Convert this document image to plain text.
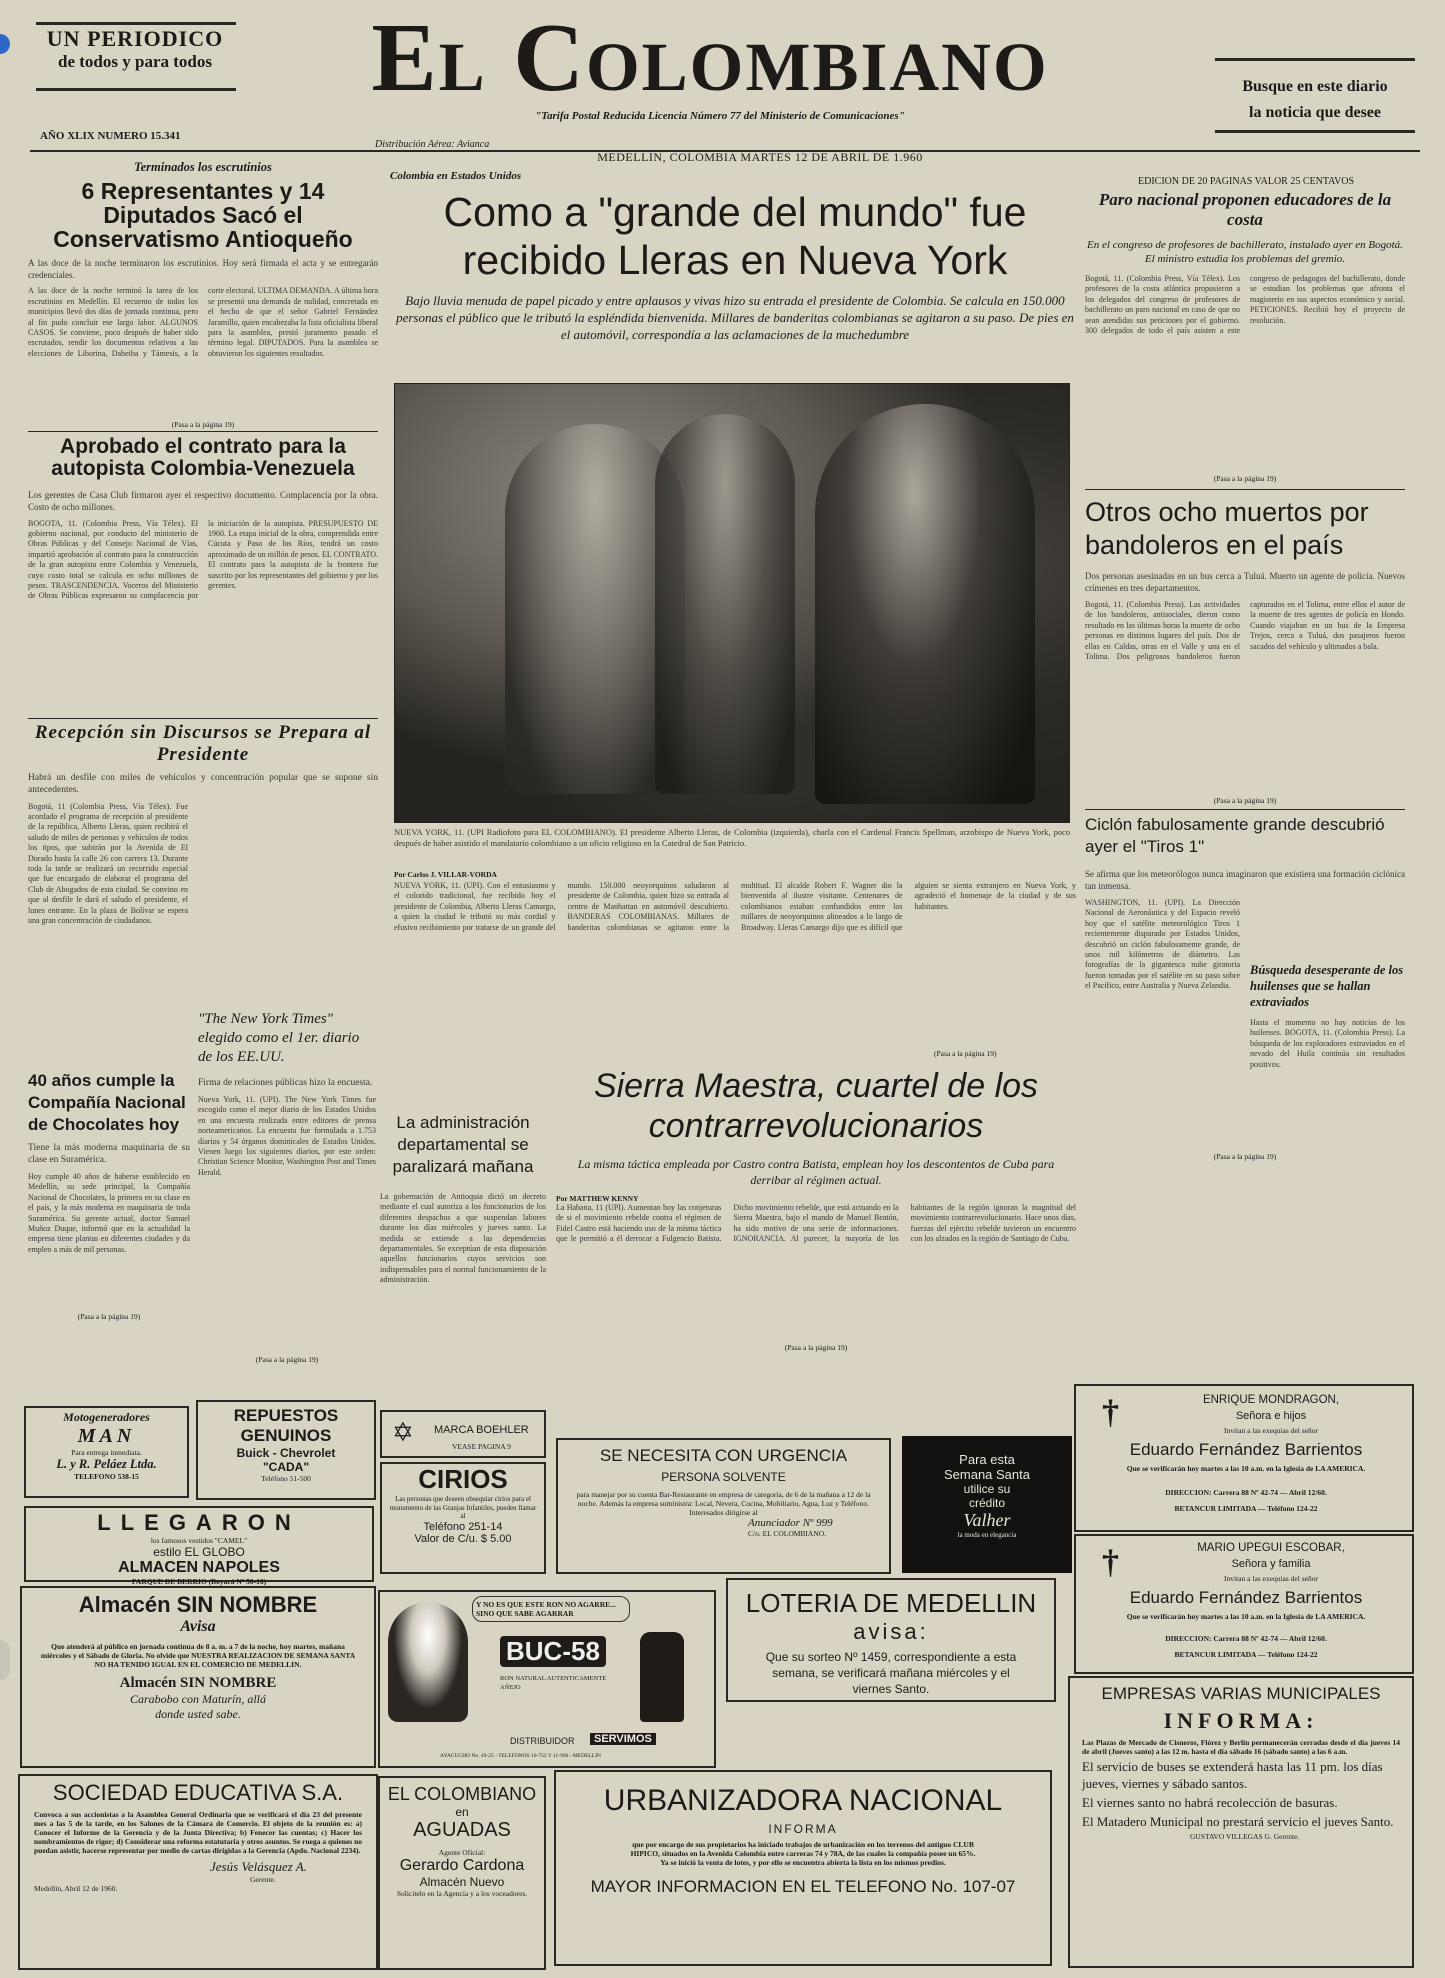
UN PERIODICO
de todos y para todos	El Colombiano
"Tarifa Postal Reducida Licencia Número 77 del Ministerio de Comunicaciones"
Busque en este diario
la noticia que desee
AÑO XLIX NUMERO 15.341
Distribución Aérea: Avianca
MEDELLIN, COLOMBIA MARTES 12 DE ABRIL DE 1.960
EDICION DE 20 PAGINAS VALOR 25 CENTAVOS
Terminados los escrutinios
6 Representantes y 14 Diputados Sacó el Conservatismo Antioqueño
A las doce de la noche terminaron los escrutinios. Hoy será firmada el acta y se entregarán credenciales.
A las doce de la noche terminó la tarea de los escrutinios en Medellín. El recuento de todos los municipios llevó dos días de jornada continua, pero al fin pudo concluir ese largo labor. ALGUNOS CASOS. Se conviene, poco después de haber sido escrutados, rendir los documentos relativos a las elecciones de Liborina, Dabeiba y Támesis, a la corte electoral. ULTIMA DEMANDA. A última hora se presentó una demanda de nulidad, concretada en el hecho de que el señor Gabriel Fernández Jaramillo, quien encabezaba la lista oficialista liberal para la asamblea, prestó juramento pasado el término legal. DIPUTADOS. Para la asamblea se obtuvieron los siguientes resultados.
(Pasa a la página 19)
Aprobado el contrato para la autopista Colombia-Venezuela
Los gerentes de Casa Club firmaron ayer el respectivo documento. Complacencia por la obra. Costo de ocho millones.
BOGOTA, 11. (Colombia Press, Vía Télex). El gobierno nacional, por conducto del ministerio de Obras Públicas y del Consejo Nacional de Vías, impartió aprobación al contrato para la construcción de la gran autopista entre Colombia y Venezuela, cuyo costo total se calcula en ocho millones de pesos. TRASCENDENCIA. Voceros del Ministerio de Obras Públicas expresaron su complacencia por la iniciación de la autopista. PRESUPUESTO DE 1960. La etapa inicial de la obra, comprendida entre Cúcuta y Paso de los Ríos, tendrá un costo aproximado de un millón de pesos. EL CONTRATO. El contrato para la autopista de la frontera fue suscrito por los representantes del gobierno y por los gerentes.
Recepción sin Discursos se Prepara al Presidente
Habrá un desfile con miles de vehículos y concentración popular que se supone sin antecedentes.
Bogotá, 11 (Colombia Press, Vía Télex). Fue acordado el programa de recepción al presidente de la república, Alberto Lleras, quien recibirá el saludo de miles de personas y vehículos de todos los tipos, que subirán por la Avenida de El Dorado hasta la calle 26 con carrera 13. Durante toda la tarde se realizará un recorrido especial que fue encargado de elaborar el programa del Club de Abogados de esta ciudad. Se convino en que al desfile le dará el saludo el presidente, el lunes entrante. En la plaza de Bolívar se espera una gran concentración de ciudadanos.
40 años cumple la Compañía Nacional de Chocolates hoy
Tiene la más moderna maquinaria de su clase en Suramérica.
Hoy cumple 40 años de haberse establecido en Medellín, su sede principal, la Compañía Nacional de Chocolates, la primera en su clase en el país, y la más moderna en maquinaria de toda Suramérica. Su gerente actual, doctor Samuel Muñoz Duque, informó que en la actualidad la empresa tiene plantas en diferentes ciudades y da empleo a más de mil personas.
(Pasa a la página 19)
"The New York Times" elegido como el 1er. diario de los EE.UU.
Firma de relaciones públicas hizo la encuesta.
Nueva York, 11. (UPI). The New York Times fue escogido como el mejor diario de los Estados Unidos en una encuesta realizada entre editores de prensa norteamericanos. La encuesta fue formulada a 1.753 diarios y 54 órganos dominicales de Estados Unidos. Vienen luego los siguientes diarios, por este orden: Christian Science Monitor, Washington Post and Times Herald.
(Pasa a la página 19)
Colombia en Estados Unidos
Como a "grande del mundo" fue recibido Lleras en Nueva York
Bajo lluvia menuda de papel picado y entre aplausos y vivas hizo su entrada el presidente de Colombia. Se calcula en 150.000 personas el público que le tributó la espléndida bienvenida. Millares de banderitas colombianas se agitaron a su paso. De pies en el automóvil, correspondía a las aclamaciones de la muchedumbre
NUEVA YORK, 11. (UPI Radiofoto para EL COLOMBIANO). El presidente Alberto Lleras, de Colombia (izquierda), charla con el Cardenal Francis Spellman, arzobispo de Nueva York, poco después de haber asistido el mandatario colombiano a un oficio religioso en la Catedral de San Patricio.
Por Carlos J. VILLAR-VORDA
NUEVA YORK, 11. (UPI). Con el entusiasmo y el colorido tradicional, fue recibido hoy el presidente de Colombia, Alberto Lleras Camargo, a quien la ciudad le tributó su más cordial y efusivo recibimiento por tratarse de un grande del mundo. 150.000 neoyorquinos saludaron al presidente de Colombia, quien hizo su entrada al centro de Manhattan en automóvil descubierto. BANDERAS COLOMBIANAS. Millares de banderitas colombianas se agitaron entre la multitud. El alcalde Robert F. Wagner dio la bienvenida al ilustre visitante. Centenares de colombianos estaban confundidos entre los millares de neoyorquinos alineados a lo largo de Broadway. Lleras Camargo dijo que es difícil que alguien se sienta extranjero en Nueva York, y agradeció el homenaje de la ciudad y de sus habitantes.
(Pasa a la página 19)
La administración departamental se paralizará mañana
La gobernación de Antioquia dictó un decreto mediante el cual autoriza a los funcionarios de los diferentes despachos a que suspendan labores durante los días miércoles y jueves santo. La medida se extiende a las dependencias departamentales. Se exceptúan de esta disposición aquellos funcionarios cuyos servicios son indispensables para el normal funcionamiento de la administración.
Sierra Maestra, cuartel de los contrarrevolucionarios
La misma táctica empleada por Castro contra Batista, emplean hoy los descontentos de Cuba para derribar al régimen actual.
Por MATTHEW KENNY
La Habana, 11 (UPI). Aumentan hoy las conjeturas de si el movimiento rebelde contra el régimen de Fidel Castro está haciendo uso de la misma táctica que le permitió a él derrocar a Fulgencio Batista. Dicho movimiento rebelde, que está actuando en la Sierra Maestra, bajo el mando de Manuel Beatón, ha sido motivo de una serie de informaciones. IGNORANCIA. Al parecer, la mayoría de los habitantes de la región ignoran la magnitud del movimiento contrarrevolucionario. Hace unos días, fuerzas del ejército rebelde tuvieron un encuentro con los alzados en la región de Santiago de Cuba.
(Pasa a la página 19)
Paro nacional proponen educadores de la costa
En el congreso de profesores de bachillerato, instalado ayer en Bogotá. El ministro estudia los problemas del gremio.
Bogotá, 11. (Colombia Press, Vía Télex). Los profesores de la costa atlántica propusieron a los delegados del congreso de profesores de bachillerato un paro nacional en caso de que no sean atendidas sus peticiones por el gobierno. 300 delegados de todo el país asisten a este congreso de pedagogos del bachillerato, donde se estudian los problemas que afronta el magisterio en sus aspectos económico y social. PETICIONES. Recibió hoy el proyecto de resolución.
(Pasa a la página 19)
Otros ocho muertos por bandoleros en el país
Dos personas asesinadas en un bus cerca a Tuluá. Muerto un agente de policía. Nuevos crímenes en tres departamentos.
Bogotá, 11. (Colombia Press). Las actividades de los bandoleros, antisociales, dieron como resultado en las últimas horas la muerte de ocho personas en distintos lugares del país. Dos de ellas en Caldas, otras en el Valle y una en el Tolima. Dos peligrosos bandoleros fueron capturados en el Tolima, entre ellos el autor de la muerte de tres agentes de policía en Hondo. Cuando viajaban en un bus de la Empresa Trejos, cerca a Tuluá, dos pasajeros fueron sacados del vehículo y ultimados a bala.
(Pasa a la página 19)
Ciclón fabulosamente grande descubrió ayer el "Tiros 1"
Se afirma que los meteorólogos nunca imaginaron que existiera una formación ciclónica tan inmensa.
WASHINGTON, 11. (UPI). La Dirección Nacional de Aeronáutica y del Espacio reveló hoy que el satélite meteorológico Tiros 1 recientemente disparado por Estados Unidos, descubrió un ciclón fabulosamente grande, de unos mil kilómetros de diámetro. Las fotografías de la gigantesca nube giratoria fueron tomadas por el satélite en su paso sobre el Pacífico, entre Australia y Nueva Zelandia.
Búsqueda desesperante de los huilenses que se hallan extraviados
Hasta el momento no hay noticias de los huilenses. BOGOTA, 11. (Colombia Press). La búsqueda de los exploradores extraviados en el nevado del Huila continúa sin resultados positivos.
(Pasa a la página 19)
Motogeneradores
MAN
Para entrega inmediata.
L. y R. Peláez Ltda.
TELEFONO 538-15
REPUESTOS GENUINOS
Buick - Chevrolet
"CADA"
Teléfono 51-500
✡ MARCA BOEHLER
VEASE PAGINA 9
CIRIOS
Las personas que deseen obsequiar cirios para el monumento de las Granjas Infantiles, pueden llamar al
Teléfono 251-14
Valor de C/u. $ 5.00
SE NECESITA CON URGENCIA
PERSONA SOLVENTE
para manejar por su cuenta Bar-Restaurante en empresa de categoría, de 6 de la mañana a 12 de la noche. Además la empresa suministra: Local, Nevera, Cocina, Mobiliario, Agua, Luz y Teléfono. Interesados dirigirse al
Anunciador Nº 999
C/o. EL COLOMBIANO.
Para esta
Semana Santa
utilice su
crédito
Valher
la moda en elegancia
LLEGARON
los famosos vestidos "CAMEL"
estilo EL GLOBO
ALMACEN NAPOLES
PARQUE DE BERRIO (Boyacá Nº 50-16)
Almacén SIN NOMBRE
Avisa
Que atenderá al público en jornada continua de 8 a. m. a 7 de la noche, hoy martes, mañana miércoles y el Sábado de Gloria. No olvide que NUESTRA REALIZACION DE SEMANA SANTA NO HA TENIDO IGUAL EN EL COMERCIO DE MEDELLIN.
Almacén SIN NOMBRE
Carabobo con Maturín, allá
donde usted sabe.
Y NO ES QUE ESTE RON NO AGARRE... SINO QUE SABE AGARRAR
BUC-58
RON NATURAL AUTENTICAMENTE AÑEJO
DISTRIBUIDOR	SERVIMOS
AYACUCHO No. 49-25 - TELEFONOS 16-752 Y 11-960 - MEDELLIN
LOTERIA DE MEDELLIN
avisa:
Que su sorteo Nº 1459, correspondiente a esta semana, se verificará mañana miércoles y el viernes Santo.
SOCIEDAD EDUCATIVA S.A.
Convoca a sus accionistas a la Asamblea General Ordinaria que se verificará el día 23 del presente mes a las 5 de la tarde, en los Salones de la Cámara de Comercio. El objeto de la reunión es: a) Conocer el Informe de la Gerencia y de la Junta Directiva; b) Fenecer las cuentas; c) Hacer los nombramientos de rigor; d) Considerar una reforma estatutaria y otros asuntos. Se ruega a quienes no puedan asistir, hacerse representar por medio de cartas dirigidas a la Gerencia (Apdo. Nacional 2234).
Jesús Velásquez A.
Gerente.
Medellín, Abril 12 de 1960.
EL COLOMBIANO
en
AGUADAS
Agente Oficial:
Gerardo Cardona
Almacén Nuevo
Solicitelo en la Agencia y a los voceadores.
URBANIZADORA NACIONAL
INFORMA
que por encargo de sus propietarios ha iniciado trabajos de urbanización en los terrenos del antiguo CLUB HIPICO, situados en la Avenida Colombia entre carreras 74 y 78A, de las cuales la compañía posee un 65%. Ya se inició la venta de lotes, y por ello se encuentra abierta la lista en los mismos predios.
MAYOR INFORMACION EN EL TELEFONO No. 107-07
†	ENRIQUE MONDRAGON,
Señora e hijos
Invitan a las exequias del señor
Eduardo Fernández Barrientos
Que se verificarán hoy martes a las 10 a.m. en la Iglesia de LA AMERICA.
DIRECCION: Carrera 88 Nº 42-74 — Abril 12/60.
BETANCUR LIMITADA — Teléfono 124-22
†	MARIO UPEGUI ESCOBAR,
Señora y familia
Invitan a las exequias del señor
Eduardo Fernández Barrientos
Que se verificarán hoy martes a las 10 a.m. en la Iglesia de LA AMERICA.
DIRECCION: Carrera 88 Nº 42-74 — Abril 12/60.
BETANCUR LIMITADA — Teléfono 124-22
EMPRESAS VARIAS MUNICIPALES
INFORMA:
Las Plazas de Mercado de Cisneros, Flórez y Berlín permanecerán cerradas desde el día jueves 14 de abril (Jueves santo) a las 12 m. hasta el día sábado 16 (sábado santo) a las 6 a.m.
El servicio de buses se extenderá hasta las 11 pm. los días jueves, viernes y sábado santos.
El viernes santo no habrá recolección de basuras.
El Matadero Municipal no prestará servicio el jueves Santo.
GUSTAVO VILLEGAS G. Gerente.
